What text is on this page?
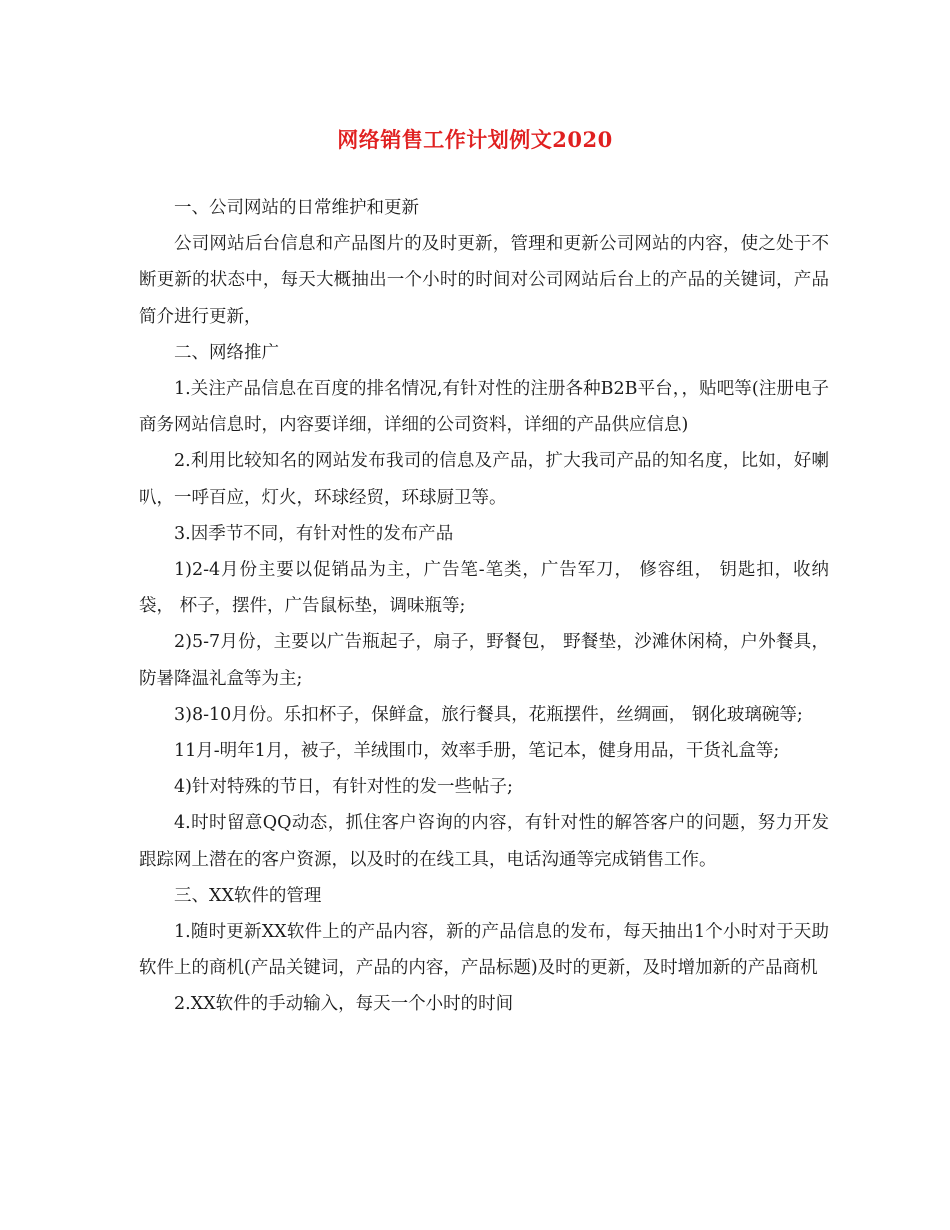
网络销售工作计划例文2020

一、公司网站的日常维护和更新

公司网站后台信息和产品图片的及时更新，管理和更新公司网站的内容，使之处于不断更新的状态中，每天大概抽出一个小时的时间对公司网站后台上的产品的关键词，产品简介进行更新，

二、网络推广

1.关注产品信息在百度的排名情况,有针对性的注册各种B2B平台，，贴吧等(注册电子商务网站信息时，内容要详细，详细的公司资料，详细的产品供应信息)

2.利用比较知名的网站发布我司的信息及产品，扩大我司产品的知名度，比如，好喇叭，一呼百应，灯火，环球经贸，环球厨卫等。

3.因季节不同，有针对性的发布产品

1)2-4月份主要以促销品为主，广告笔-笔类，广告军刀， 修容组， 钥匙扣，收纳袋， 杯子，摆件，广告鼠标垫，调味瓶等;

2)5-7月份，主要以广告瓶起子，扇子，野餐包， 野餐垫，沙滩休闲椅，户外餐具，防暑降温礼盒等为主;

3)8-10月份。乐扣杯子，保鲜盒，旅行餐具，花瓶摆件，丝绸画， 钢化玻璃碗等;

11月-明年1月，被子，羊绒围巾，效率手册，笔记本，健身用品，干货礼盒等;

4)针对特殊的节日，有针对性的发一些帖子;

4.时时留意QQ动态，抓住客户咨询的内容，有针对性的解答客户的问题，努力开发跟踪网上潜在的客户资源，以及时的在线工具，电话沟通等完成销售工作。

三、XX软件的管理

1.随时更新XX软件上的产品内容，新的产品信息的发布，每天抽出1个小时对于天助软件上的商机(产品关键词，产品的内容，产品标题)及时的更新，及时增加新的产品商机

2.XX软件的手动输入，每天一个小时的时间
